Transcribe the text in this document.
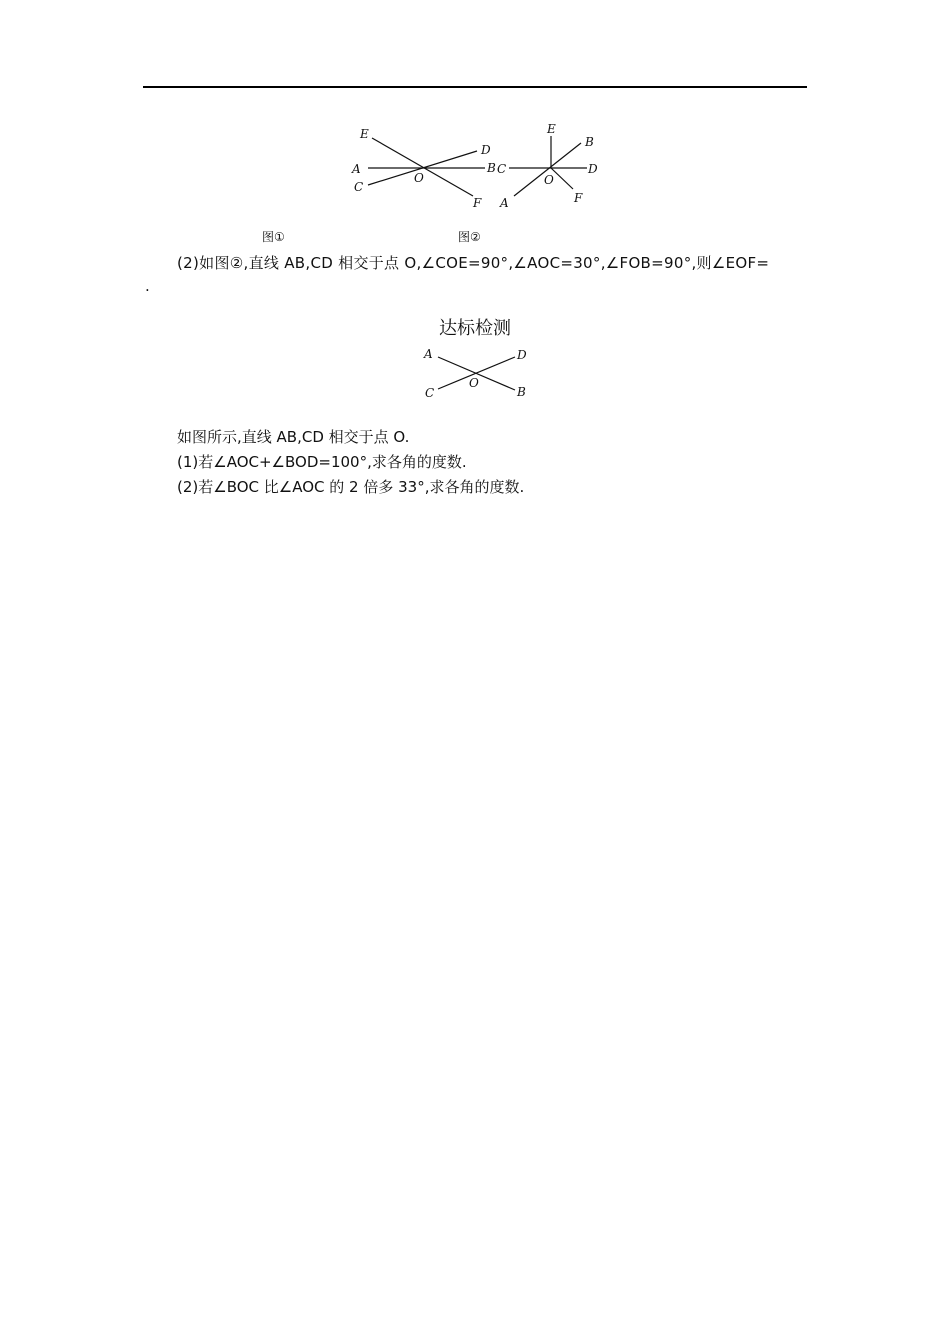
E
D
A	B
C
O
F
C
E
B
D
O
A	F
图①	图②
(2)如图②,直线 AB,CD 相交于点 O,∠COE=90°,∠AOC=30°,∠FOB=90°,则∠EOF=
.
达标检测
A	D
O
C	B
如图所示,直线 AB,CD 相交于点 O.
(1)若∠AOC+∠BOD=100°,求各角的度数.
(2)若∠BOC 比∠AOC 的 2 倍多 33°,求各角的度数.
